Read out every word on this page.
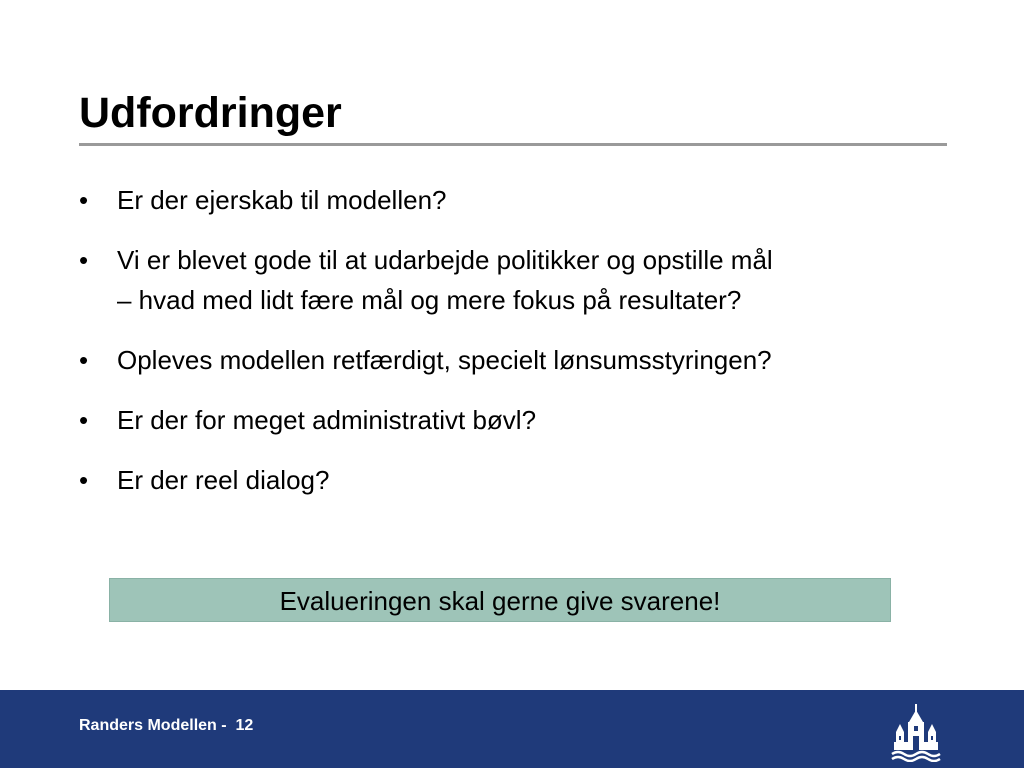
Udfordringer
• Er der ejerskab til modellen?
• Vi er blevet gode til at udarbejde politikker og opstille mål
– hvad med lidt fære mål og mere fokus på resultater?
• Opleves modellen retfærdigt, specielt lønsumsstyringen?
• Er der for meget administrativt bøvl?
• Er der reel dialog?
Evalueringen skal gerne give svarene!
Randers Modellen - 12
